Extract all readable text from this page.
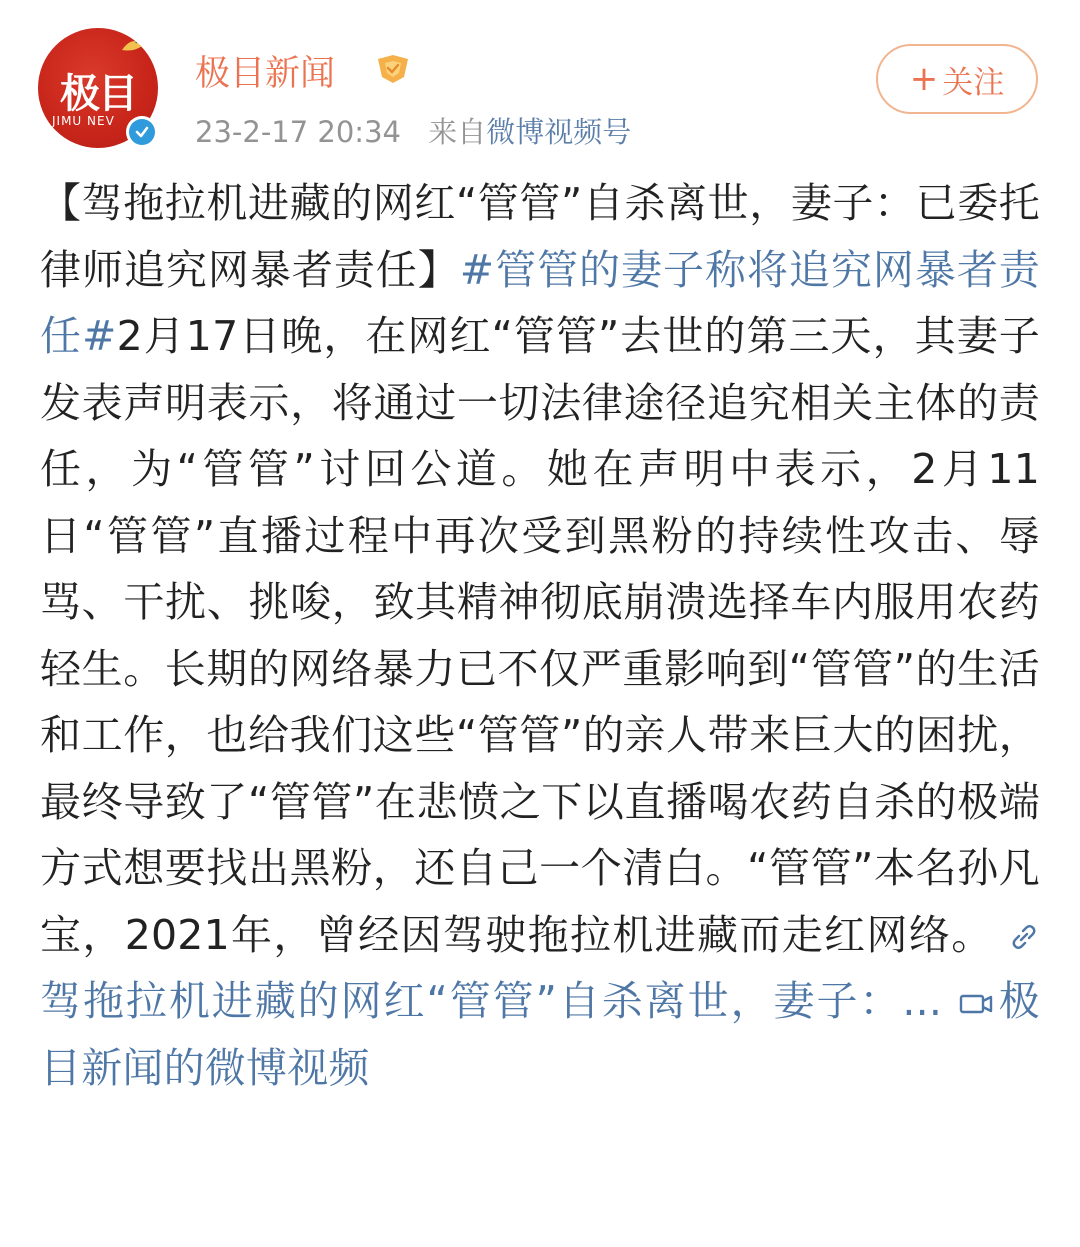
极目
JIMU NEV
极目新闻
23-2-17 20:34 来自微博视频号
+ 关注
【驾拖拉机进藏的网红“管管”自杀离世，妻子：已委托律师追究网暴者责任】#管管的妻子称将追究网暴者责任#2月17日晚，在网红“管管”去世的第三天，其妻子发表声明表示，将通过一切法律途径追究相关主体的责任，为“管管”讨回公道。她在声明中表示，2月11日“管管”直播过程中再次受到黑粉的持续性攻击、辱骂、干扰、挑唆，致其精神彻底崩溃选择车内服用农药轻生。长期的网络暴力已不仅严重影响到“管管”的生活和工作，也给我们这些“管管”的亲人带来巨大的困扰，最终导致了“管管”在悲愤之下以直播喝农药自杀的极端方式想要找出黑粉，还自己一个清白。“管管”本名孙凡宝，2021年，曾经因驾驶拖拉机进藏而走红网络。 驾拖拉机进藏的网红“管管”自杀离世，妻子：... 极目新闻的微博视频
